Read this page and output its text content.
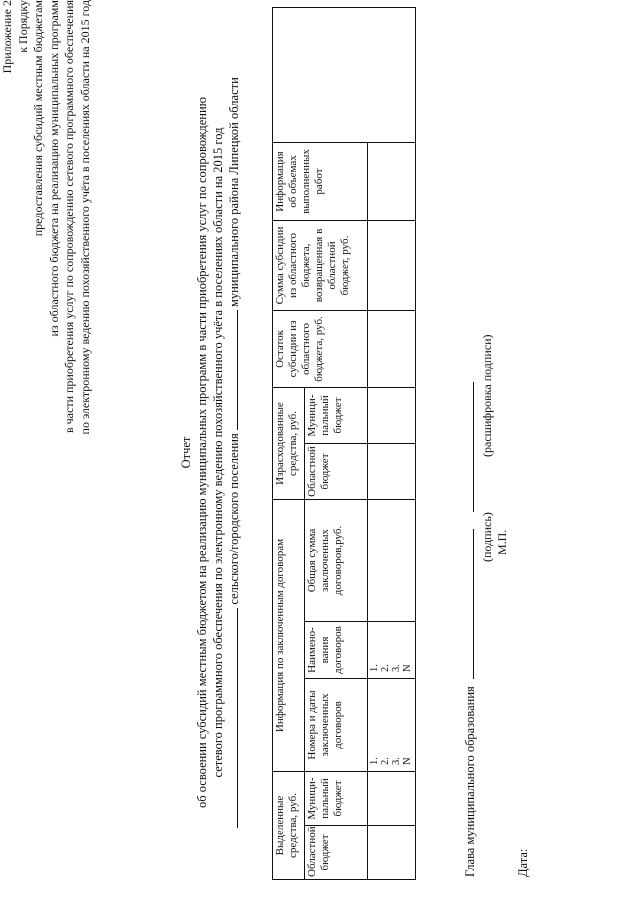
Приложение 2 к Порядку предоставления субсидий местным бюджетам из областного бюджета на реализацию муниципальных программ в части приобретения услуг по сопровождению сетевого программного обеспечения по электронному ведению похозяйственного учёта в поселениях области на 2015 год
Отчет об освоении субсидий местным бюджетом на реализацию муниципальных программ в части приобретения услуг по сопровождению сетевого программного обеспечения по электронному ведению похозяйственного учёта в поселениях области на 2015 год сельского/городского поселения  муниципального района Липецкой области
Выделенные средства, руб.		Информация по заключенным договорам			Израсходованные средства, руб.		Остаток субсидии из областного бюджета, руб.	Сумма субсидии из областного бюджета, возвращенная в областной бюджет, руб.	Информация об объемах выполненных работ	
Областной бюджет	Муници-пальный бюджет	Номера и даты заключенных договоров	Наимено-вания договоров	Общая сумма заключенных договоров,руб.	Областной бюджет	Муници-пальный бюджет				

		1. 2. 3. N	1. 2. 3. N							

Глава муниципального образования
(подпись)
(расшифровка подписи)
М.П.
Дата:
